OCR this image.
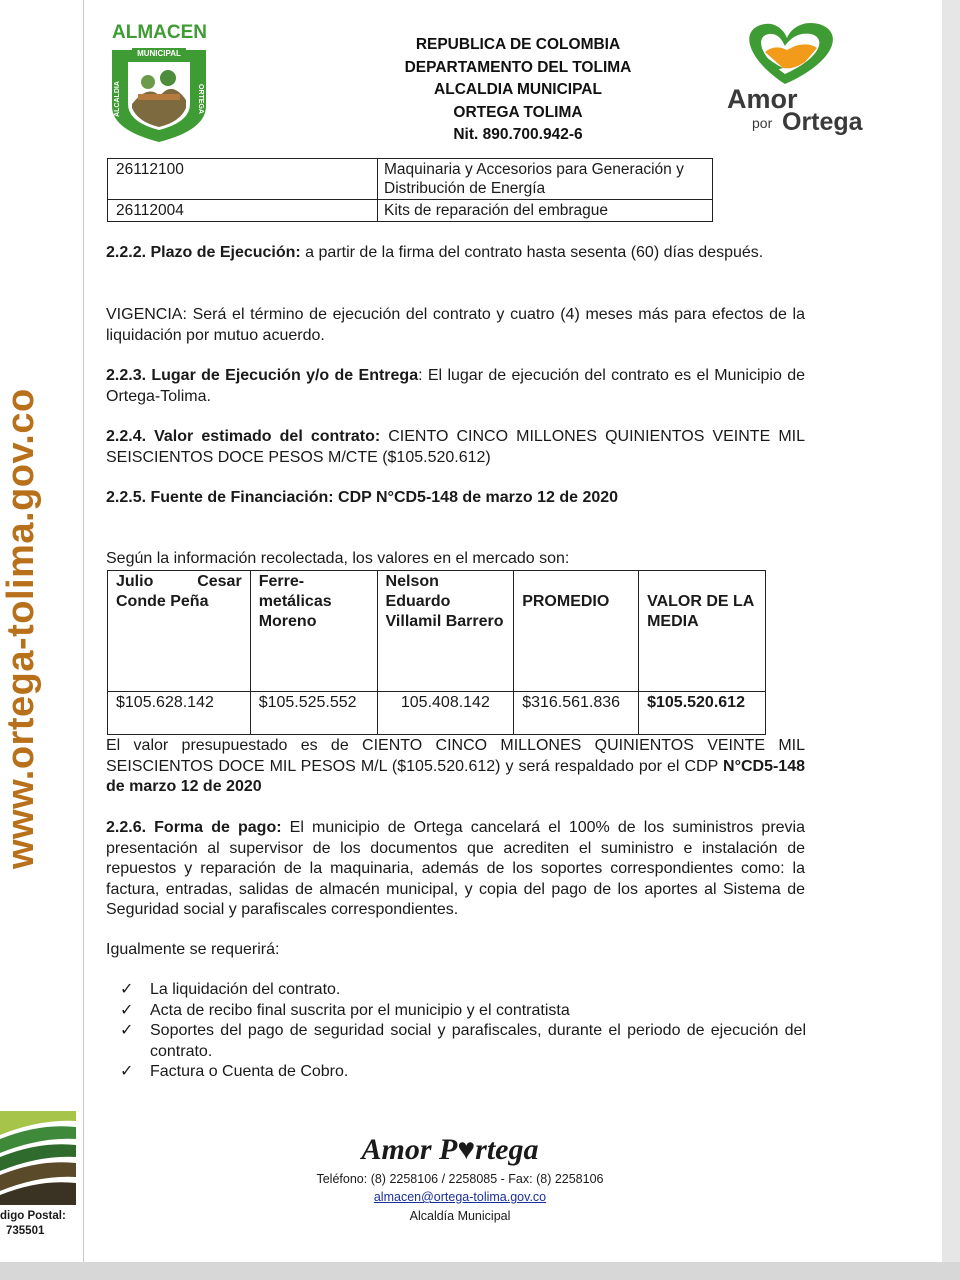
www.ortega-tolima.gov.co
ALMACEN
MUNICIPAL
ALCALDIA	ORTEGA
REPUBLICA DE COLOMBIA
DEPARTAMENTO DEL TOLIMA
ALCALDIA MUNICIPAL
ORTEGA TOLIMA
Nit. 890.700.942-6
Amor
por Ortega
26112100	Maquinaria y Accesorios para Generación y Distribución de Energía
26112004	Kits de reparación del embrague
2.2.2. Plazo de Ejecución: a partir de la firma del contrato hasta sesenta (60) días después.
VIGENCIA: Será el término de ejecución del contrato y cuatro (4) meses más para efectos de la liquidación por mutuo acuerdo.
2.2.3. Lugar de Ejecución y/o de Entrega: El lugar de ejecución del contrato es el Municipio de Ortega-Tolima.
2.2.4. Valor estimado del contrato: CIENTO CINCO MILLONES QUINIENTOS VEINTE MIL SEISCIENTOS DOCE PESOS M/CTE ($105.520.612)
2.2.5. Fuente de Financiación: CDP N°CD5-148 de marzo 12 de 2020
Según la información recolectada, los valores en el mercado son:
Julio Cesar Conde Peña	Ferre-metálicas Moreno	Nelson Eduardo Villamil Barrero	PROMEDIO	VALOR DE LA MEDIA
$105.628.142	$105.525.552	105.408.142	$316.561.836	$105.520.612
El valor presupuestado es de CIENTO CINCO MILLONES QUINIENTOS VEINTE MIL SEISCIENTOS DOCE MIL PESOS M/L ($105.520.612) y será respaldado por el CDP N°CD5-148 de marzo 12 de 2020
2.2.6. Forma de pago: El municipio de Ortega cancelará el 100% de los suministros previa presentación al supervisor de los documentos que acrediten el suministro e instalación de repuestos y reparación de la maquinaria, además de los soportes correspondientes como: la factura, entradas, salidas de almacén municipal, y copia del pago de los aportes al Sistema de Seguridad social y parafiscales correspondientes.
Igualmente se requerirá:
✓ La liquidación del contrato.
✓ Acta de recibo final suscrita por el municipio y el contratista
✓ Soportes del pago de seguridad social y parafiscales, durante el periodo de ejecución del contrato.
✓ Factura o Cuenta de Cobro.
digo Postal:
735501
Amor P♥rtega
Teléfono: (8) 2258106 / 2258085 - Fax: (8) 2258106
almacen@ortega-tolima.gov.co
Alcaldía Municipal
